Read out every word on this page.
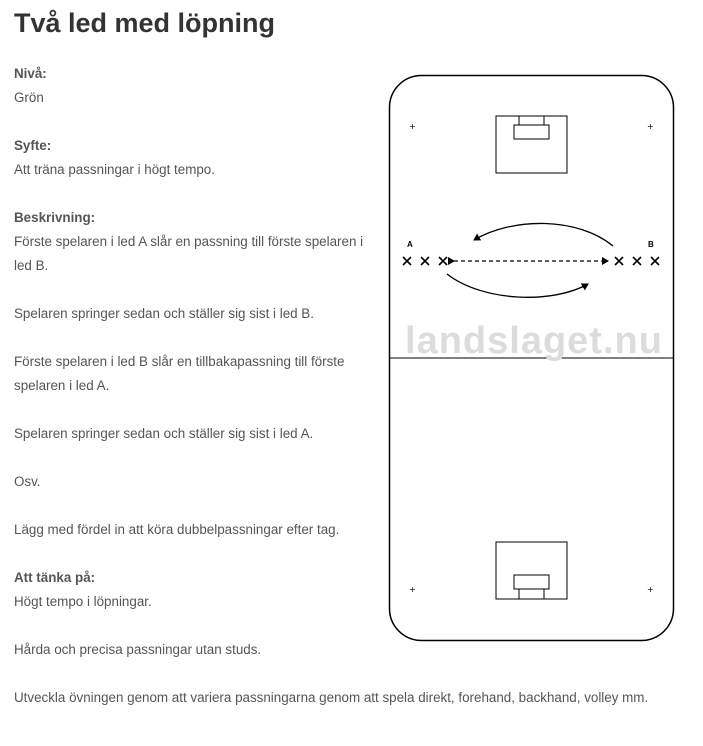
Två led med löpning

Nivå:
Grön

Syfte:
Att träna passningar i högt tempo.

Beskrivning:
Förste spelaren i led A slår en passning till förste spelaren i led B.

Spelaren springer sedan och ställer sig sist i led B.

Förste spelaren i led B slår en tillbakapassning till förste spelaren i led A.

Spelaren springer sedan och ställer sig sist i led A.

Osv.

Lägg med fördel in att köra dubbelpassningar efter tag.

Att tänka på:
Högt tempo i löpningar.

Hårda och precisa passningar utan studs.

Utveckla övningen genom att variera passningarna genom att spela direkt, forehand, backhand, volley mm.

+	+
+	+
A	B
landslaget.nu
